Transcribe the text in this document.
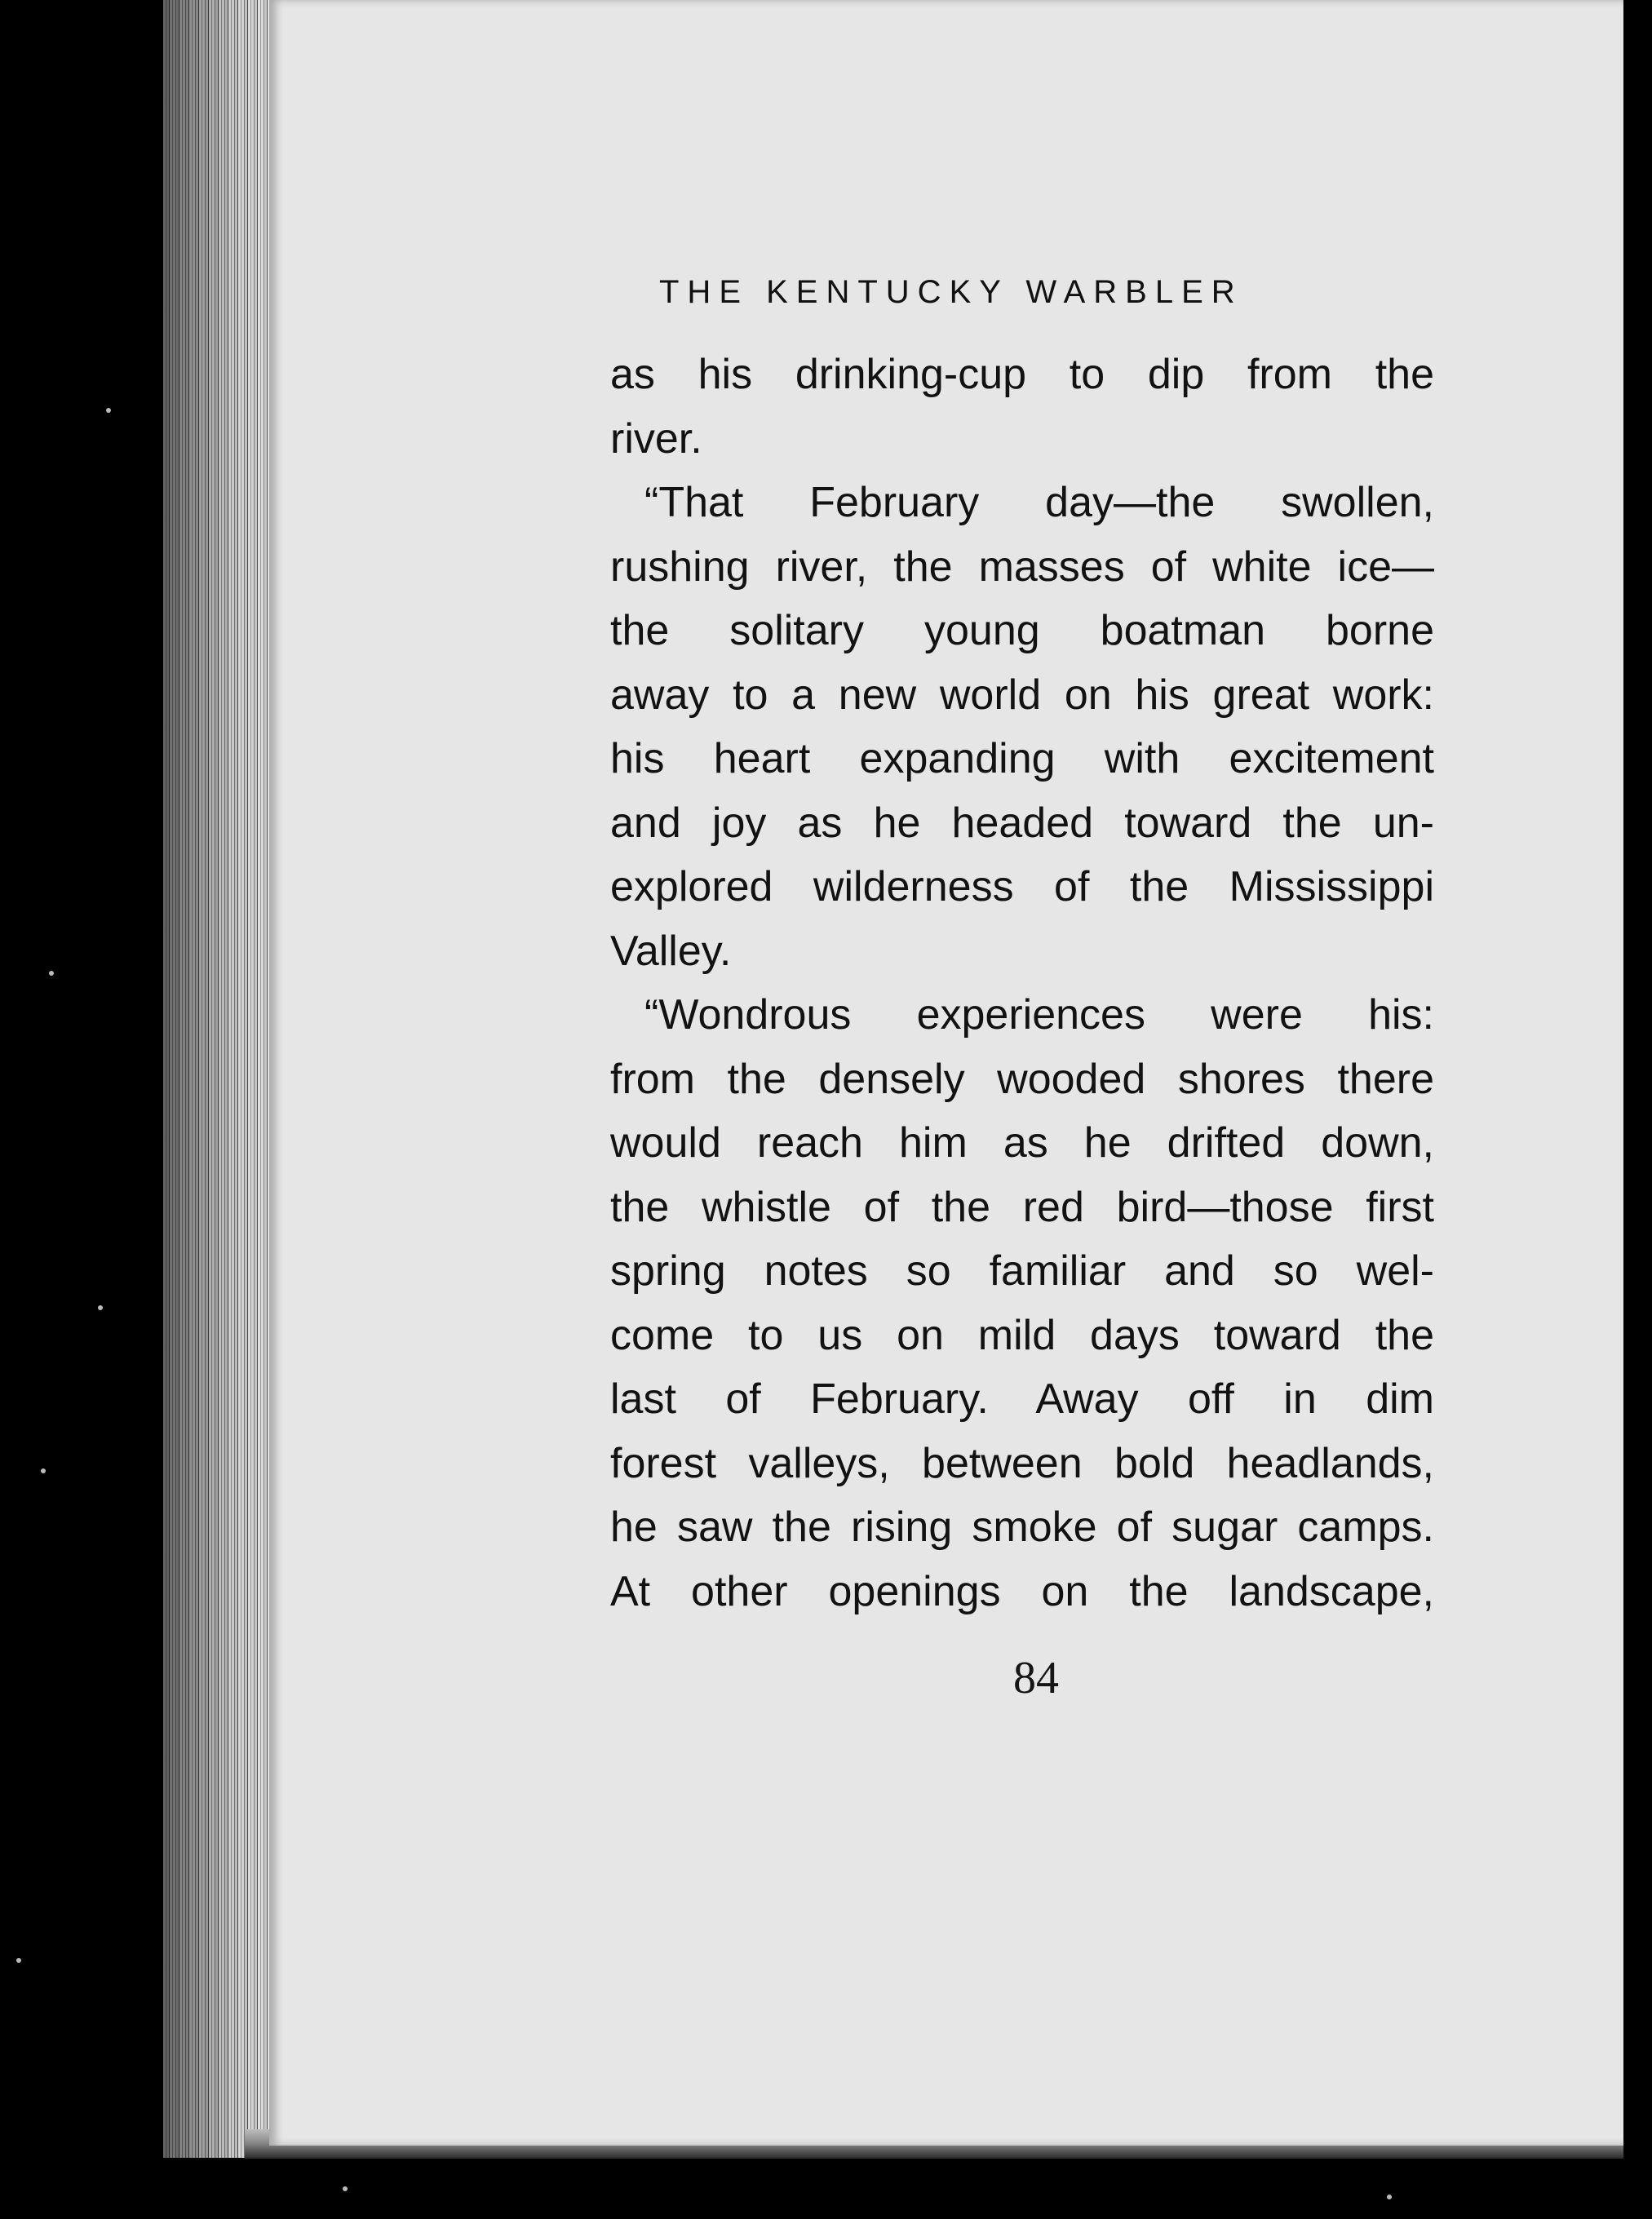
THE KENTUCKY WARBLER
as his drinking-cup to dip from the
river.
“That February day—the swollen,
rushing river, the masses of white ice—
the solitary young boatman borne
away to a new world on his great work:
his heart expanding with excitement
and joy as he headed toward the un-
explored wilderness of the Mississippi
Valley.
“Wondrous experiences were his:
from the densely wooded shores there
would reach him as he drifted down,
the whistle of the red bird—those first
spring notes so familiar and so wel-
come to us on mild days toward the
last of February. Away off in dim
forest valleys, between bold headlands,
he saw the rising smoke of sugar camps.
At other openings on the landscape,
84
